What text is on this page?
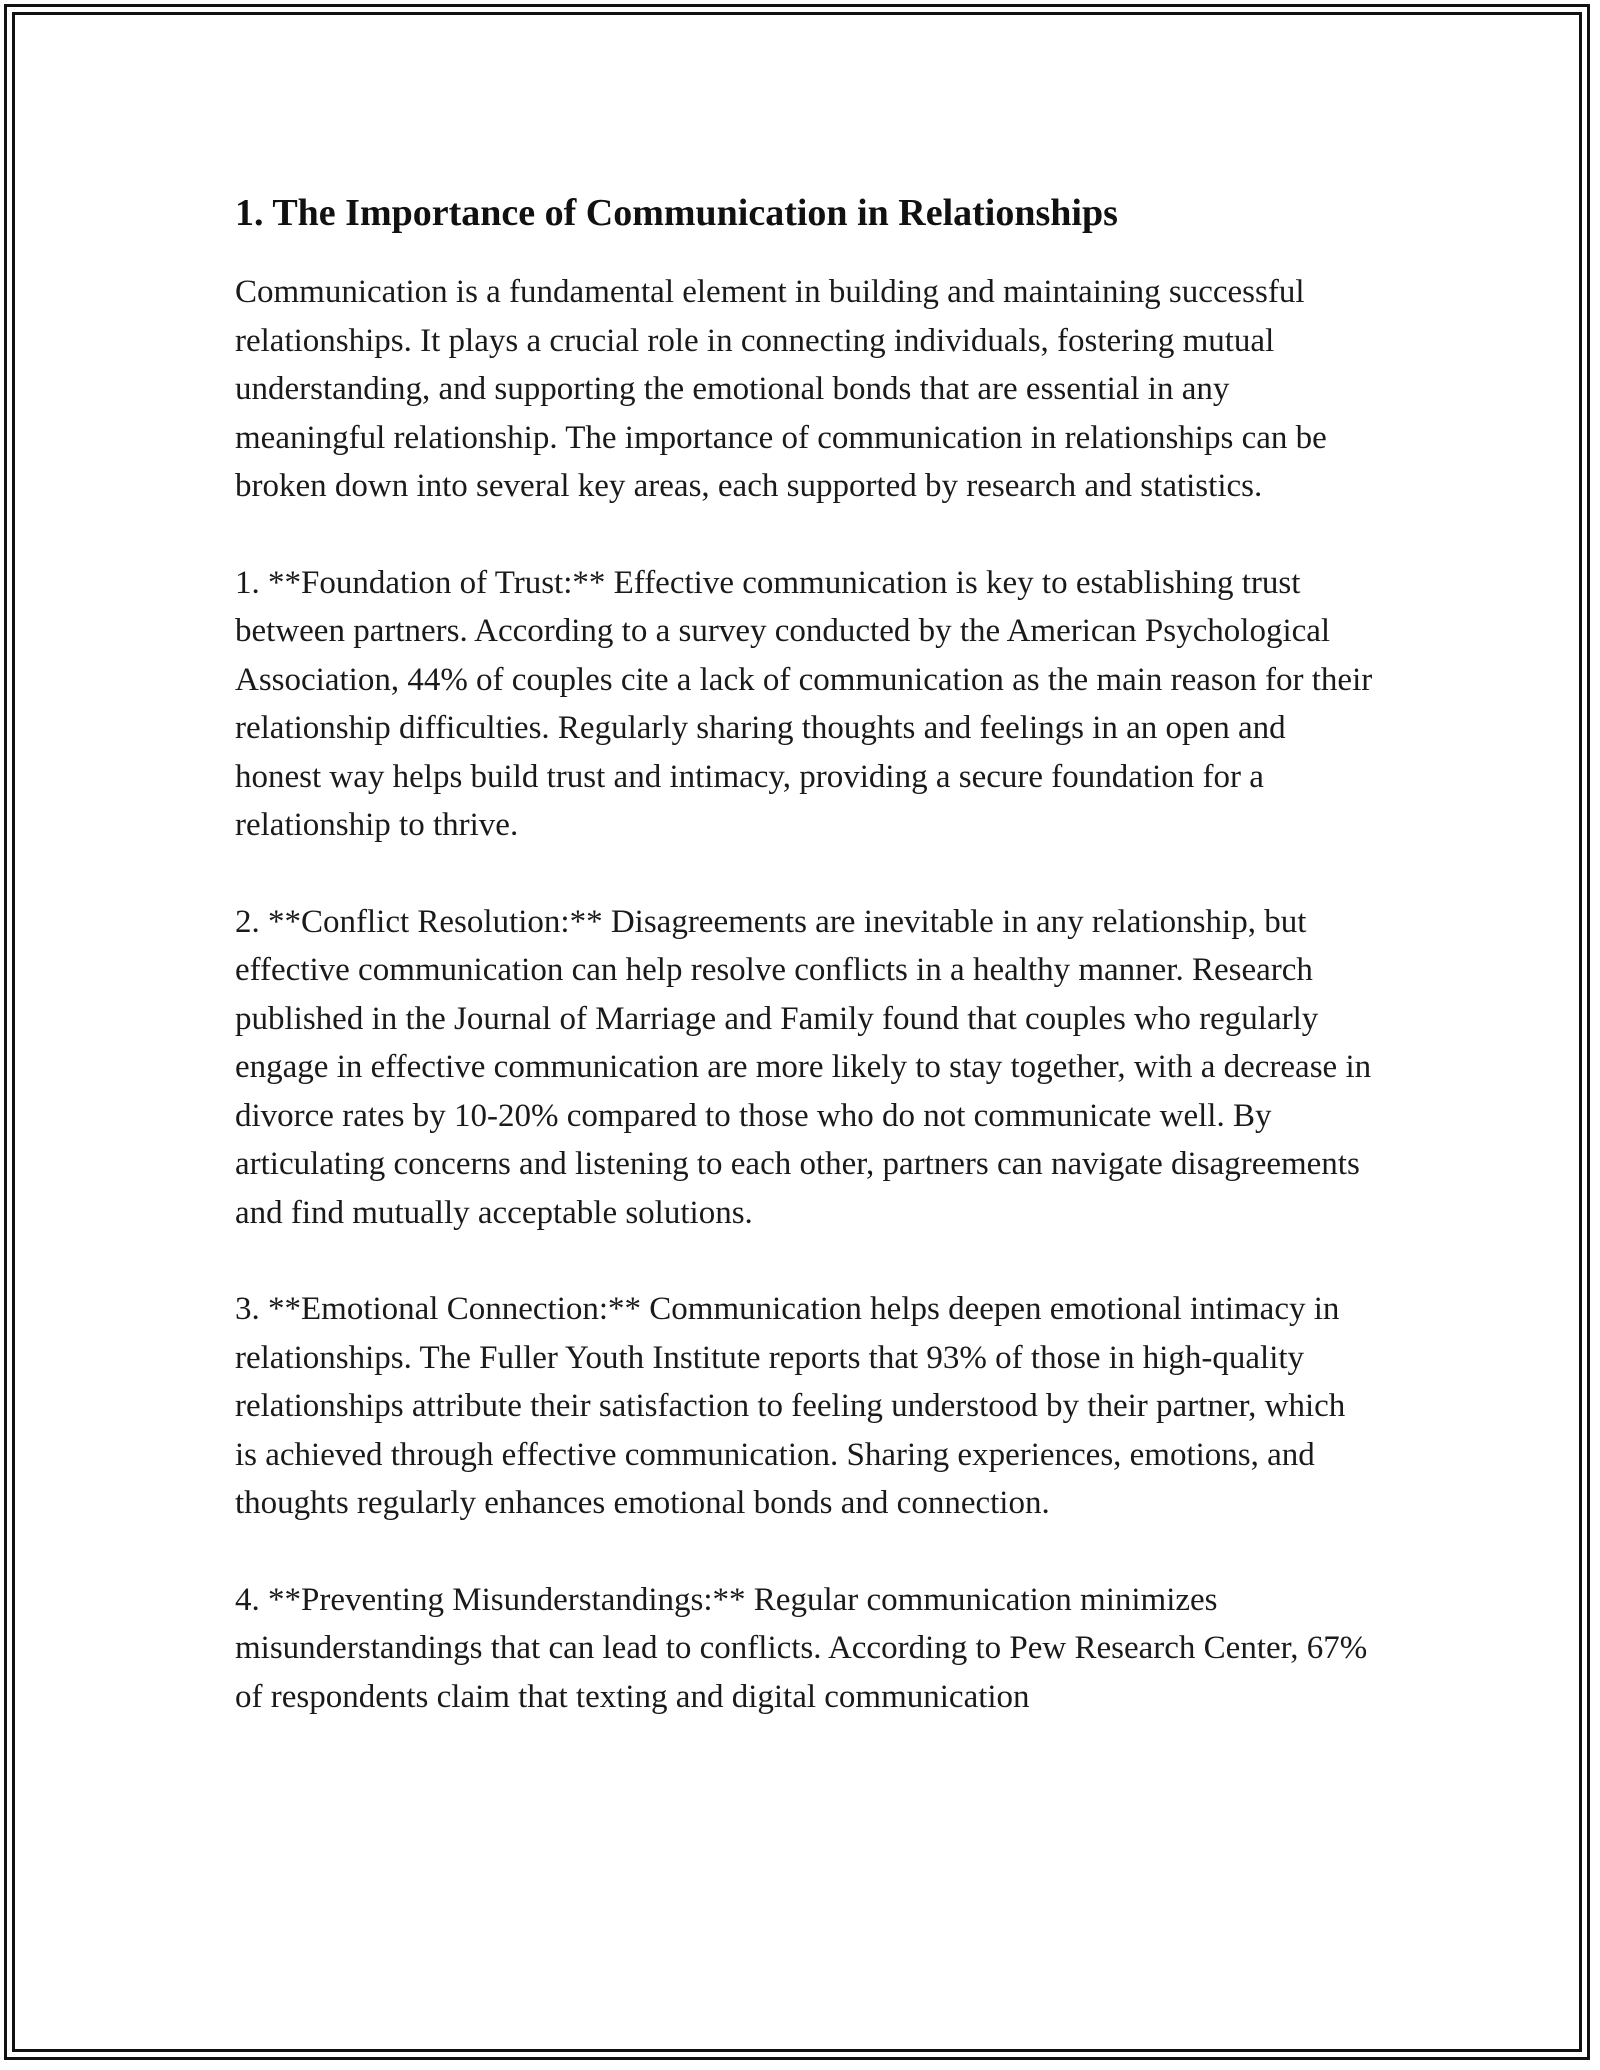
1. The Importance of Communication in Relationships

Communication is a fundamental element in building and maintaining successful relationships. It plays a crucial role in connecting individuals, fostering mutual understanding, and supporting the emotional bonds that are essential in any meaningful relationship. The importance of communication in relationships can be broken down into several key areas, each supported by research and statistics.

1. **Foundation of Trust:** Effective communication is key to establishing trust between partners. According to a survey conducted by the American Psychological Association, 44% of couples cite a lack of communication as the main reason for their relationship difficulties. Regularly sharing thoughts and feelings in an open and honest way helps build trust and intimacy, providing a secure foundation for a relationship to thrive.

2. **Conflict Resolution:** Disagreements are inevitable in any relationship, but effective communication can help resolve conflicts in a healthy manner. Research published in the Journal of Marriage and Family found that couples who regularly engage in effective communication are more likely to stay together, with a decrease in divorce rates by 10-20% compared to those who do not communicate well. By articulating concerns and listening to each other, partners can navigate disagreements and find mutually acceptable solutions.

3. **Emotional Connection:** Communication helps deepen emotional intimacy in relationships. The Fuller Youth Institute reports that 93% of those in high-quality relationships attribute their satisfaction to feeling understood by their partner, which is achieved through effective communication. Sharing experiences, emotions, and thoughts regularly enhances emotional bonds and connection.

4. **Preventing Misunderstandings:** Regular communication minimizes misunderstandings that can lead to conflicts. According to Pew Research Center, 67% of respondents claim that texting and digital communication
